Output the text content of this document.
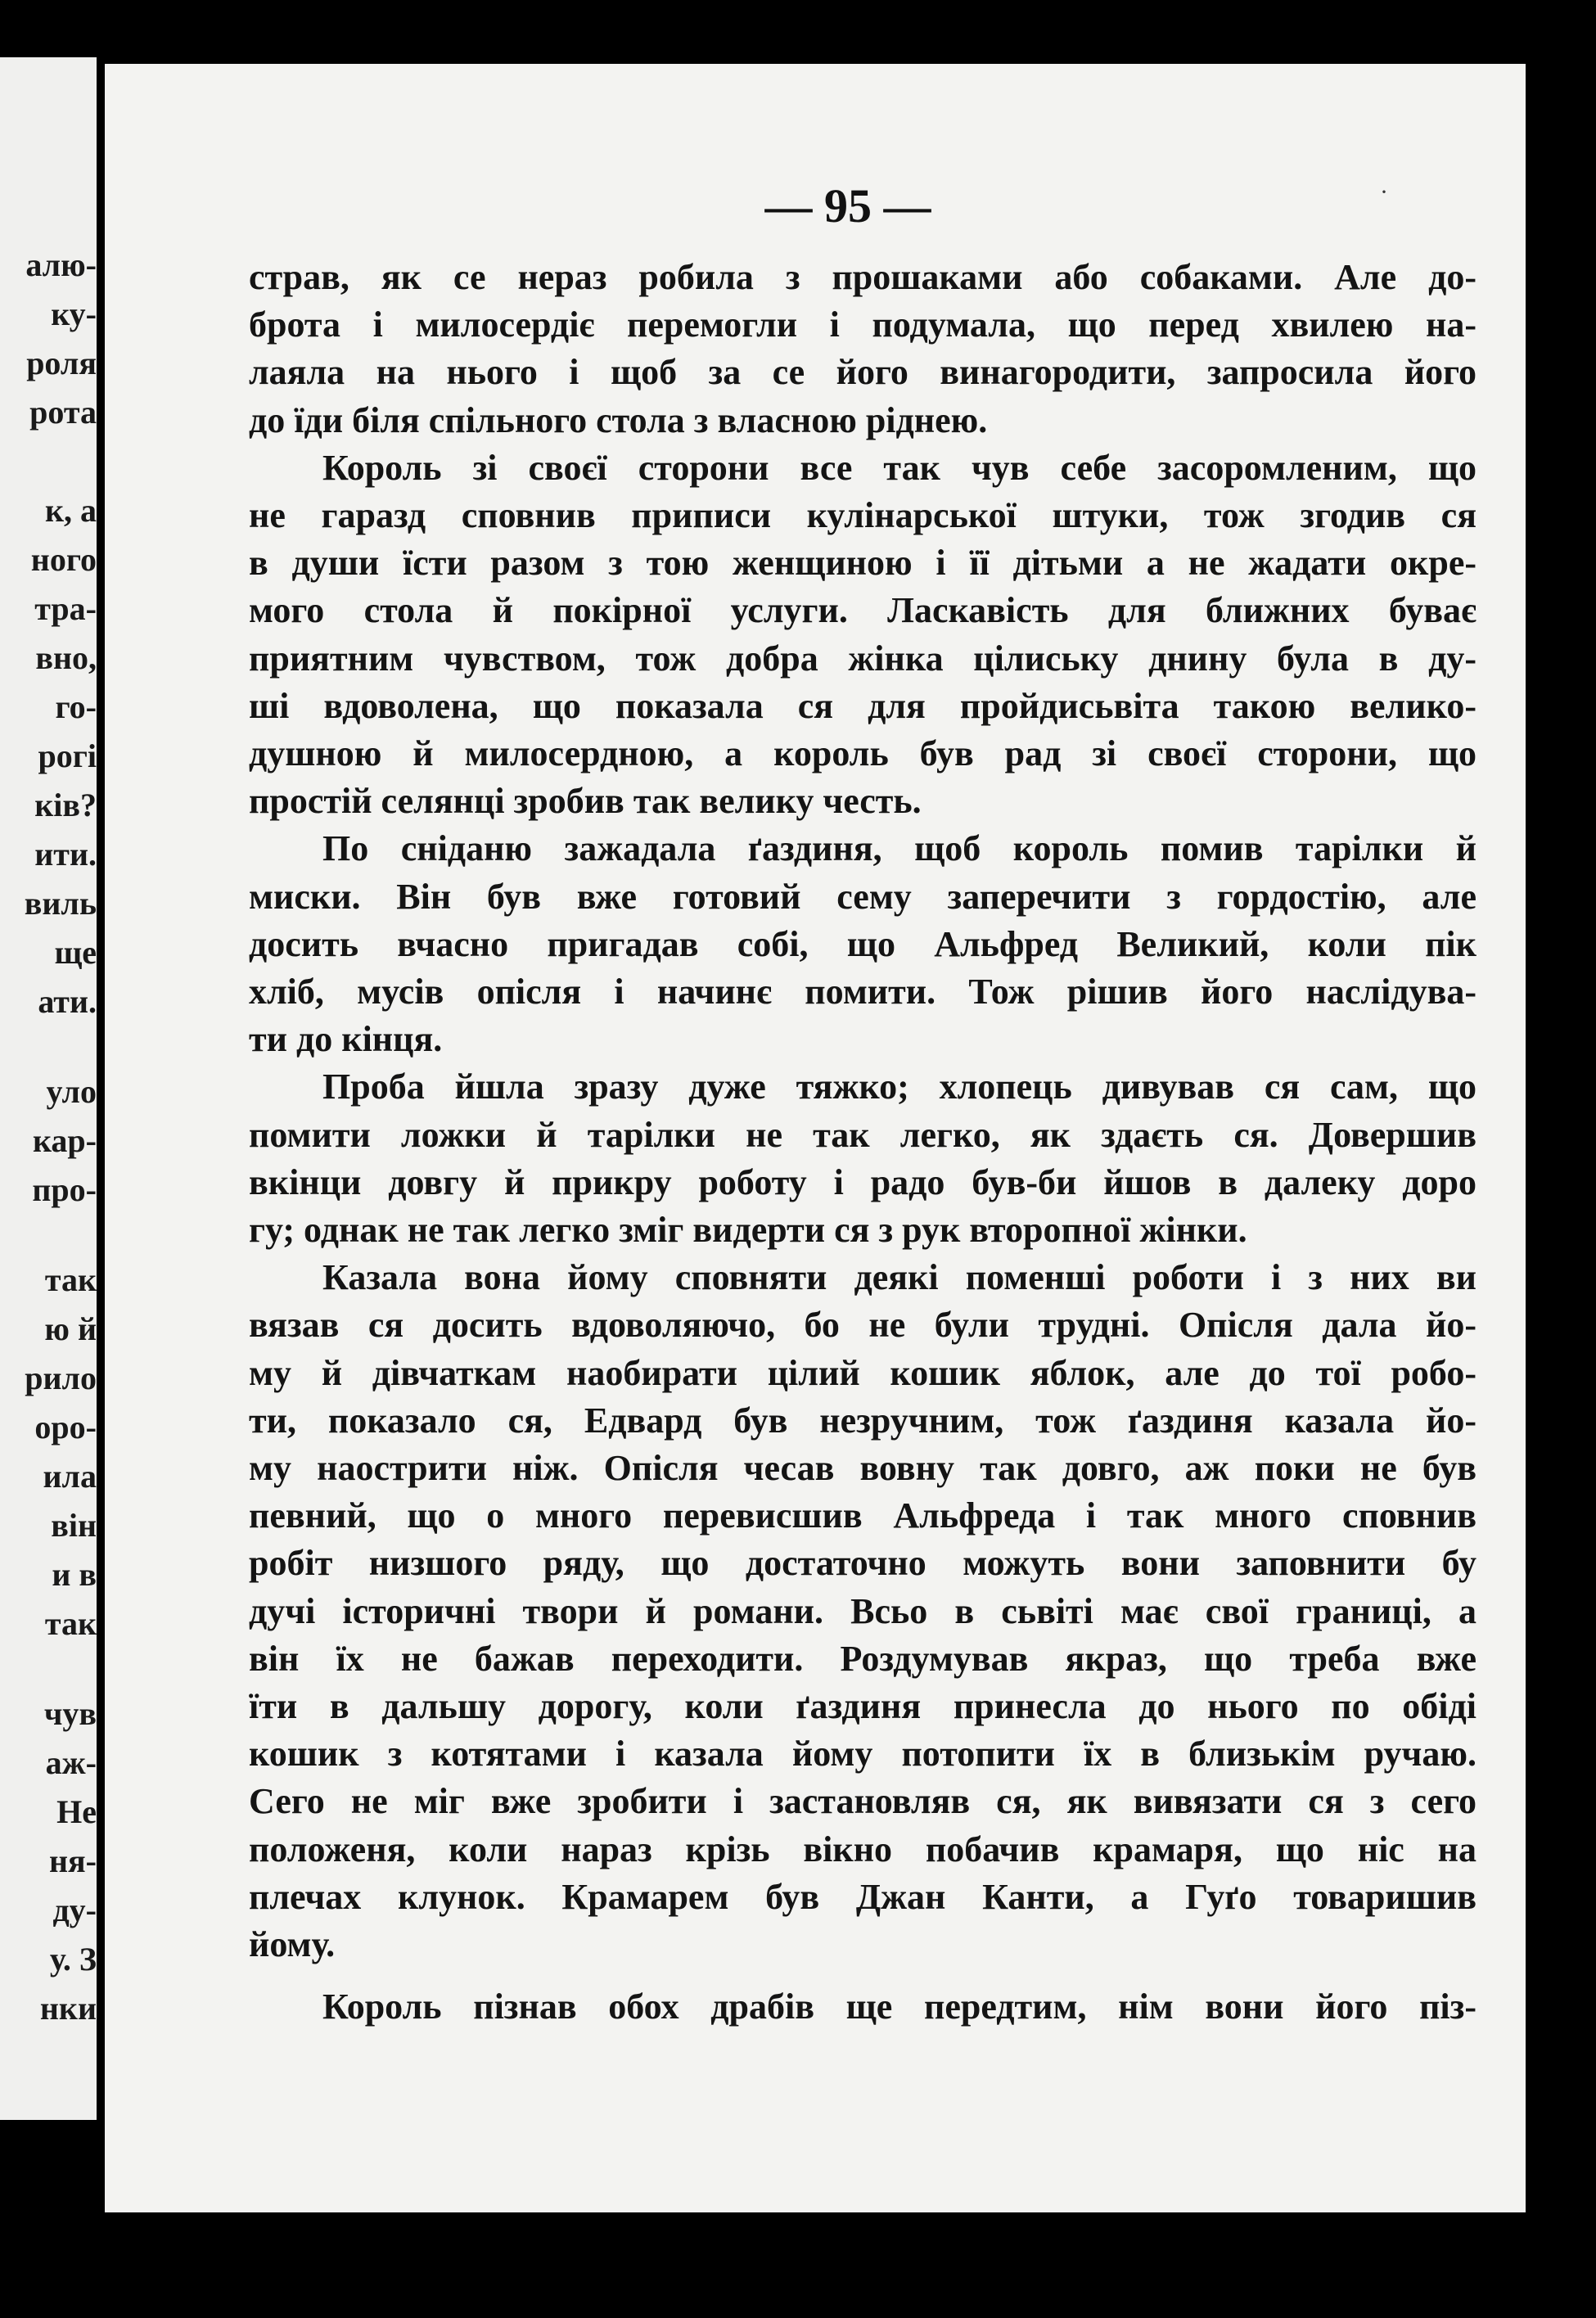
алю-
ку-
роля
рота
к, а
ного
тра-
вно,
го-
рогі
ків?
ити.
виль
ще
ати.
уло
кар-
про-
так
ю й
рило
оро-
ила
він
и в
так
чув
аж-
Не
ня-
ду-
у. З
нки
— 95 —
страв, як се нераз робила з прошаками або собаками. Але до-
брота і милосердіє перемогли і подумала, що перед хвилею на-
лаяла на нього і щоб за се його винагородити, запросила його
до їди біля спільного стола з власною ріднею.
Король зі своєї сторони все так чув себе засоромленим, що
не гаразд сповнив приписи кулінарської штуки, тож згодив ся
в души їсти разом з тою женщиною і її дітьми а не жадати окре-
мого стола й покірної услуги. Ласкавість для ближних буває
приятним чувством, тож добра жінка цілиську днину була в ду-
ші вдоволена, що показала ся для пройдисьвіта такою велико-
душною й милосердною, а король був рад зі своєї сторони, що
простій селянці зробив так велику честь.
По сніданю зажадала ґаздиня, щоб король помив тарілки й
миски. Він був вже готовий сему заперечити з гордостію, але
досить вчасно пригадав собі, що Альфред Великий, коли пік
хліб, мусів опісля і начинє помити. Тож рішив його наслідува-
ти до кінця.
Проба йшла зразу дуже тяжко; хлопець дивував ся сам, що
помити ложки й тарілки не так легко, як здаєть ся. Довершив
вкінци довгу й прикру роботу і радо був-би йшов в далеку доро
гу; однак не так легко зміг видерти ся з рук второпної жінки.
Казала вона йому сповняти деякі поменші роботи і з них ви
вязав ся досить вдоволяючо, бо не були трудні. Опісля дала йо-
му й дівчаткам наобирати цілий кошик яблок, але до тої робо-
ти, показало ся, Едвард був незручним, тож ґаздиня казала йо-
му наострити ніж. Опісля чесав вовну так довго, аж поки не був
певний, що о много перевисшив Альфреда і так много сповнив
робіт низшого ряду, що достаточно можуть вони заповнити бу
дучі історичні твори й романи. Всьо в сьвіті має свої границі, а
він їх не бажав переходити. Роздумував якраз, що треба вже
їти в дальшу дорогу, коли ґаздиня принесла до нього по обіді
кошик з котятами і казала йому потопити їх в близькім ручаю.
Сего не міг вже зробити і застановляв ся, як вивязати ся з сего
положеня, коли нараз крізь вікно побачив крамаря, що ніс на
плечах клунок. Крамарем був Джан Канти, а Гуґо товаришив
йому.
Король пізнав обох драбів ще передтим, нім вони його піз-
·
